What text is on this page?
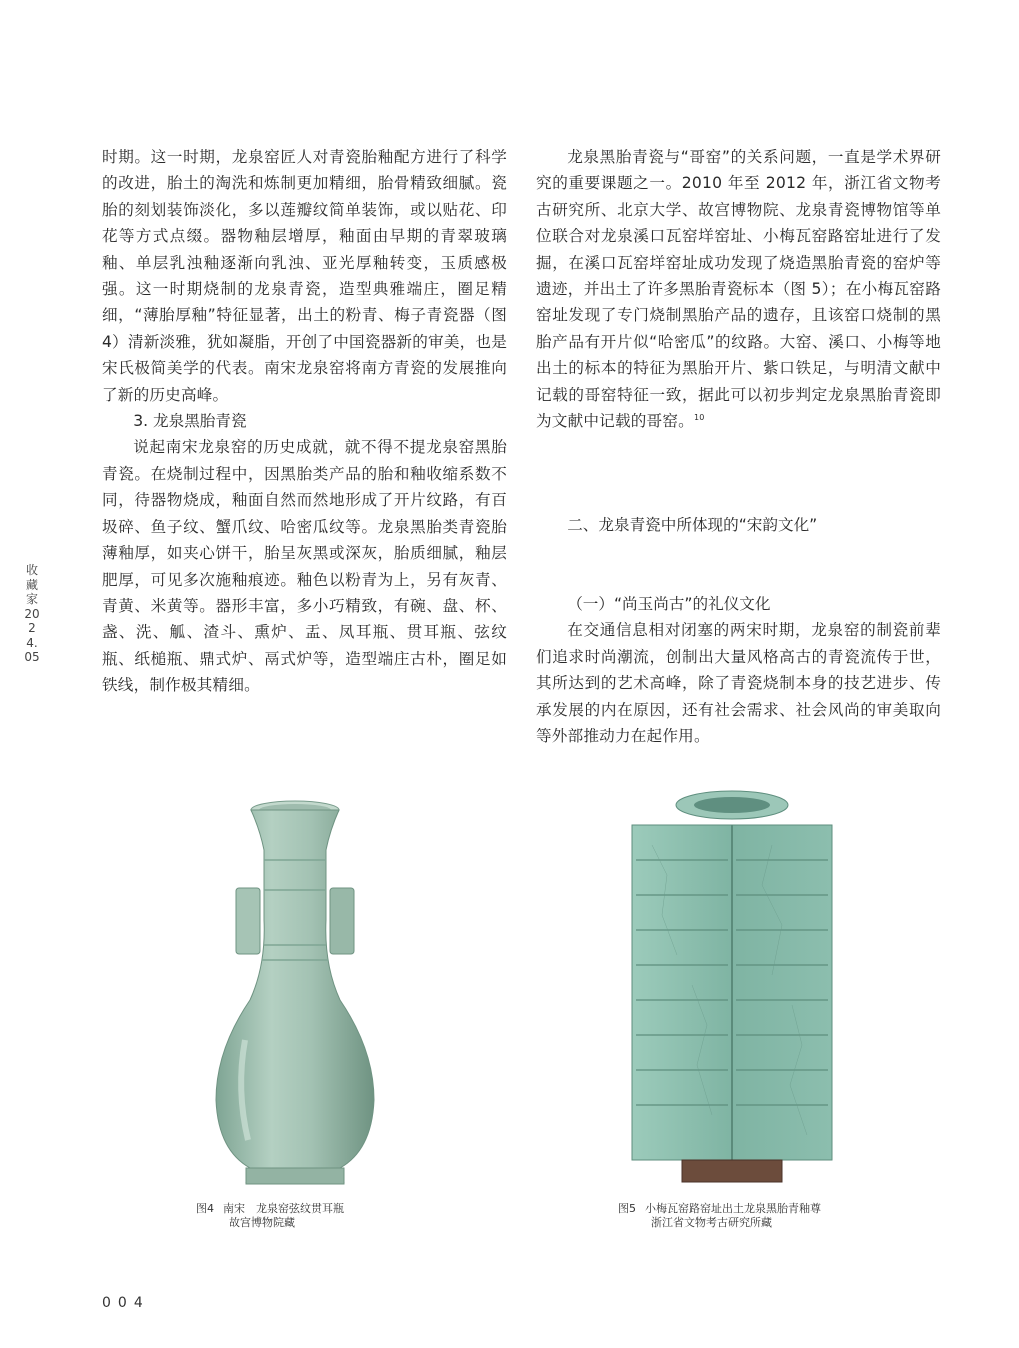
收藏家 2024.05

时期。这一时期，龙泉窑匠人对青瓷胎釉配方进行了科学的改进，胎土的淘洗和炼制更加精细，胎骨精致细腻。瓷胎的刻划装饰淡化，多以莲瓣纹简单装饰，或以贴花、印花等方式点缀。器物釉层增厚，釉面由早期的青翠玻璃釉、单层乳浊釉逐渐向乳浊、亚光厚釉转变，玉质感极强。这一时期烧制的龙泉青瓷，造型典雅端庄，圈足精细，“薄胎厚釉”特征显著，出土的粉青、梅子青瓷器（图 4）清新淡雅，犹如凝脂，开创了中国瓷器新的审美，也是宋氏极简美学的代表。南宋龙泉窑将南方青瓷的发展推向了新的历史高峰。

3. 龙泉黑胎青瓷

说起南宋龙泉窑的历史成就，就不得不提龙泉窑黑胎青瓷。在烧制过程中，因黑胎类产品的胎和釉收缩系数不同，待器物烧成，釉面自然而然地形成了开片纹路，有百圾碎、鱼子纹、蟹爪纹、哈密瓜纹等。龙泉黑胎类青瓷胎薄釉厚，如夹心饼干，胎呈灰黑或深灰，胎质细腻，釉层肥厚，可见多次施釉痕迹。釉色以粉青为上，另有灰青、青黄、米黄等。器形丰富，多小巧精致，有碗、盘、杯、盏、洗、觚、渣斗、熏炉、盂、凤耳瓶、贯耳瓶、弦纹瓶、纸槌瓶、鼎式炉、鬲式炉等，造型端庄古朴，圈足如铁线，制作极其精细。

龙泉黑胎青瓷与“哥窑”的关系问题，一直是学术界研究的重要课题之一。2010 年至 2012 年，浙江省文物考古研究所、北京大学、故宫博物院、龙泉青瓷博物馆等单位联合对龙泉溪口瓦窑垟窑址、小梅瓦窑路窑址进行了发掘，在溪口瓦窑垟窑址成功发现了烧造黑胎青瓷的窑炉等遗迹，并出土了许多黑胎青瓷标本（图 5）；在小梅瓦窑路窑址发现了专门烧制黑胎产品的遗存，且该窑口烧制的黑胎产品有开片似“哈密瓜”的纹路。大窑、溪口、小梅等地出土的标本的特征为黑胎开片、紫口铁足，与明清文献中记载的哥窑特征一致，据此可以初步判定龙泉黑胎青瓷即为文献中记载的哥窑。$^{10}$

二、龙泉青瓷中所体现的“宋韵文化”

（一）“尚玉尚古”的礼仪文化

在交通信息相对闭塞的两宋时期，龙泉窑的制瓷前辈们追求时尚潮流，创制出大量风格高古的青瓷流传于世，其所达到的艺术高峰，除了青瓷烧制本身的技艺进步、传承发展的内在原因，还有社会需求、社会风尚的审美取向等外部推动力在起作用。

图4 南宋　龙泉窑弦纹贯耳瓶
故宫博物院藏
图5 小梅瓦窑路窑址出土龙泉黑胎青釉尊
浙江省文物考古研究所藏
004
